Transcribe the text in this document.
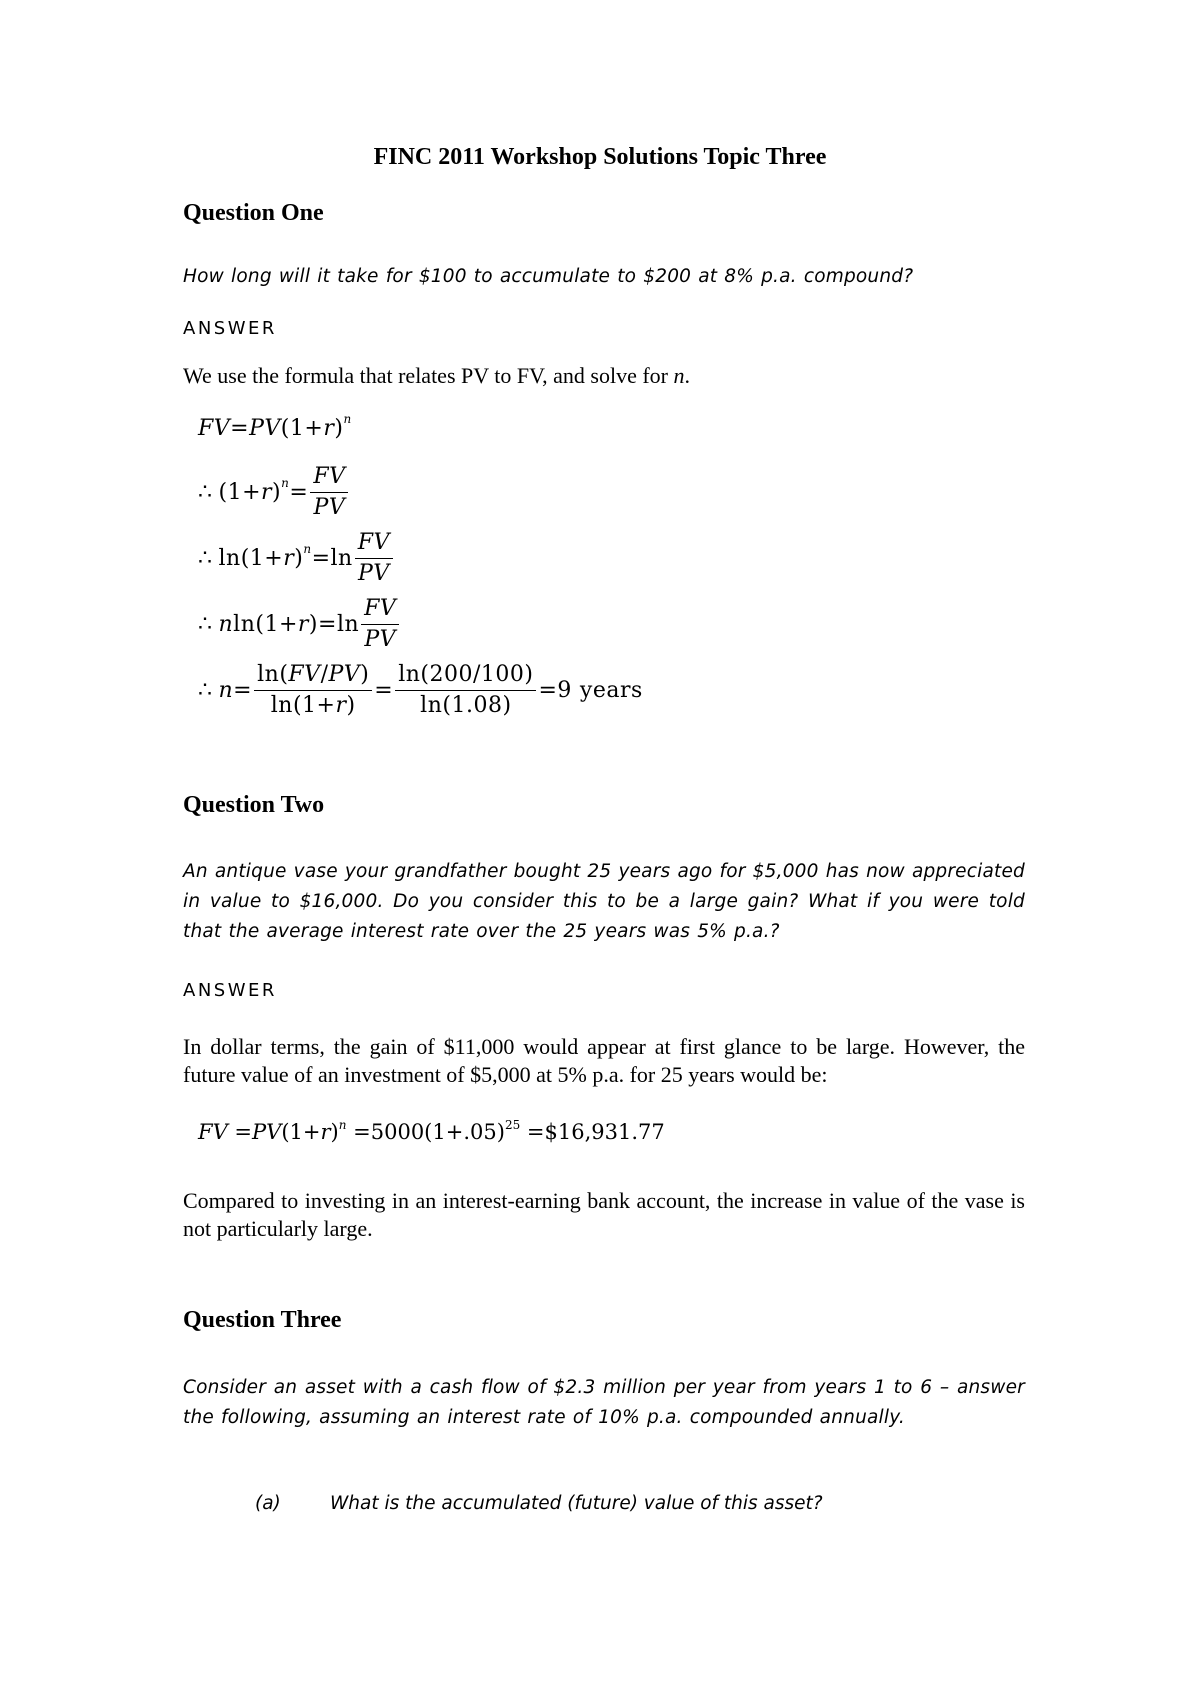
FINC 2011 Workshop Solutions Topic Three
Question One
How long will it take for $100 to accumulate to $200 at 8% p.a. compound?
ANSWER
We use the formula that relates PV to FV, and solve for n.
FV = PV (1+ r ) n
∴ (1+ r ) $n = \frac{FV}{PV}$
∴ ln(1+ r ) $n =\ln \frac{FV}{PV}$
∴ n ln(1+ r )$=\ln \frac{FV}{PV}$
∴ $n = \frac{\ln(FV/PV)}{\ln(1+r)} = \frac{\ln(200/100)}{\ln(1.08)} =9$ years
Question Two
An antique vase your grandfather bought 25 years ago for $5,000 has now appreciated in value to $16,000. Do you consider this to be a large gain? What if you were told that the average interest rate over the 25 years was 5% p.a.?
ANSWER
In dollar terms, the gain of $11,000 would appear at first glance to be large. However, the future value of an investment of $5,000 at 5% p.a. for 25 years would be:
FV $=PV(1+r)^n =5000(1+.05)^{25}$ =$16,931.77
Compared to investing in an interest-earning bank account, the increase in value of the vase is not particularly large.
Question Three
Consider an asset with a cash flow of $2.3 million per year from years 1 to 6 – answer the following, assuming an interest rate of 10% p.a. compounded annually.
(a)	What is the accumulated (future) value of this asset?
